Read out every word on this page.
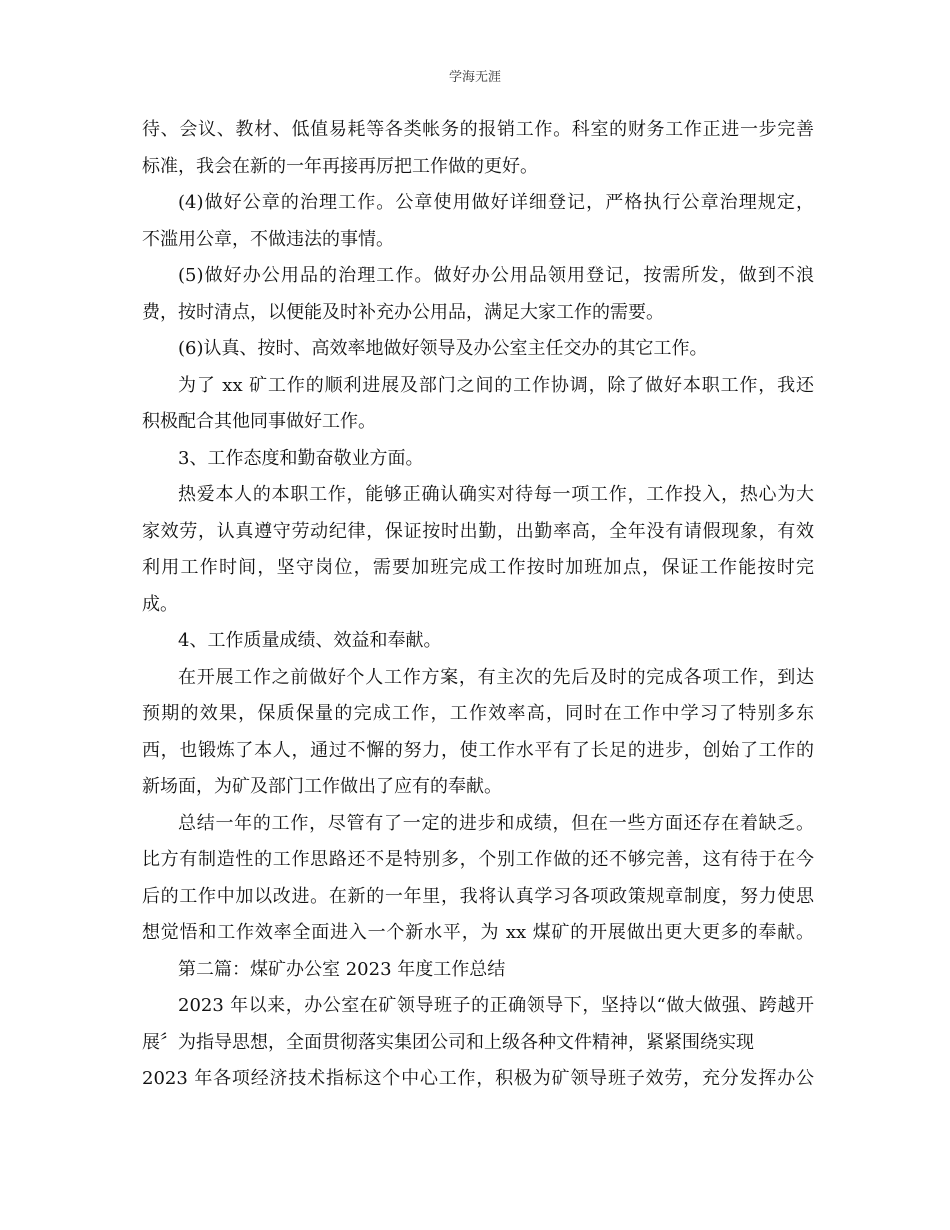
学海无涯
待、会议、教材、低值易耗等各类帐务的报销工作。科室的财务工作正进一步完善
标准，我会在新的一年再接再厉把工作做的更好。
(4)做好公章的治理工作。公章使用做好详细登记，严格执行公章治理规定，
不滥用公章，不做违法的事情。
(5)做好办公用品的治理工作。做好办公用品领用登记，按需所发，做到不浪
费，按时清点，以便能及时补充办公用品，满足大家工作的需要。
(6)认真、按时、高效率地做好领导及办公室主任交办的其它工作。
为了 xx 矿工作的顺利进展及部门之间的工作协调，除了做好本职工作，我还
积极配合其他同事做好工作。
3、工作态度和勤奋敬业方面。
热爱本人的本职工作，能够正确认确实对待每一项工作，工作投入，热心为大
家效劳，认真遵守劳动纪律，保证按时出勤，出勤率高，全年没有请假现象，有效
利用工作时间，坚守岗位，需要加班完成工作按时加班加点，保证工作能按时完
成。
4、工作质量成绩、效益和奉献。
在开展工作之前做好个人工作方案，有主次的先后及时的完成各项工作，到达
预期的效果，保质保量的完成工作，工作效率高，同时在工作中学习了特别多东
西，也锻炼了本人，通过不懈的努力，使工作水平有了长足的进步，创始了工作的
新场面，为矿及部门工作做出了应有的奉献。
总结一年的工作，尽管有了一定的进步和成绩，但在一些方面还存在着缺乏。
比方有制造性的工作思路还不是特别多，个别工作做的还不够完善，这有待于在今
后的工作中加以改进。在新的一年里，我将认真学习各项政策规章制度，努力使思
想觉悟和工作效率全面进入一个新水平，为 xx 煤矿的开展做出更大更多的奉献。
第二篇：煤矿办公室 2023 年度工作总结
2023 年以来，办公室在矿领导班子的正确领导下，坚持以“做大做强、跨越开
展〞为指导思想，全面贯彻落实集团公司和上级各种文件精神，紧紧围绕实现
2023 年各项经济技术指标这个中心工作，积极为矿领导班子效劳，充分发挥办公
